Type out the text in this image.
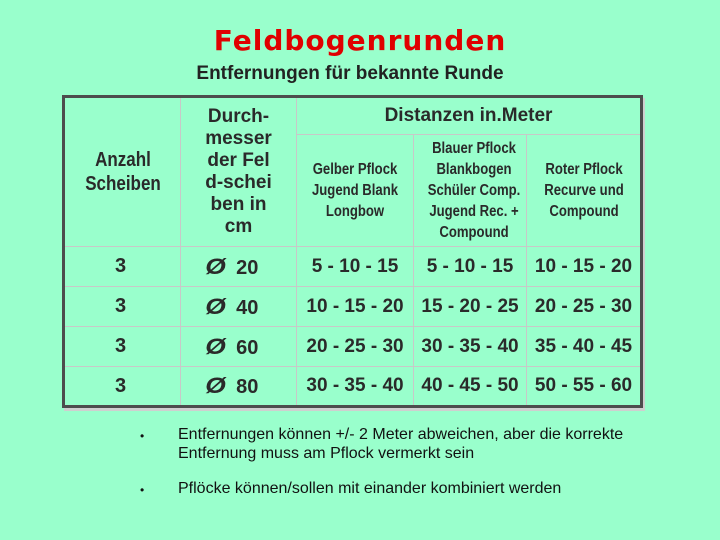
Feldbogenrunden
Entfernungen für bekannte Runde
Anzahl Scheiben	Durch-messer der Feld-scheiben in cm	Distanzen in.Meter		
		Gelber Pflock Jugend Blank Longbow	Blauer Pflock Blankbogen Schüler Comp. Jugend Rec. + Compound	Roter Pflock Recurve und Compound
3	Ø 20	5 - 10 - 15	5 - 10 - 15	10 - 15 - 20
3	Ø 40	10 - 15 - 20	15 - 20 - 25	20 - 25 - 30
3	Ø 60	20 - 25 - 30	30 - 35 - 40	35 - 40 - 45
3	Ø 80	30 - 35 - 40	40 - 45 - 50	50 - 55 - 60
•	Entfernungen können +/- 2 Meter abweichen, aber die korrekte Entfernung muss am Pflock vermerkt sein
•	Pflöcke können/sollen mit einander kombiniert werden
